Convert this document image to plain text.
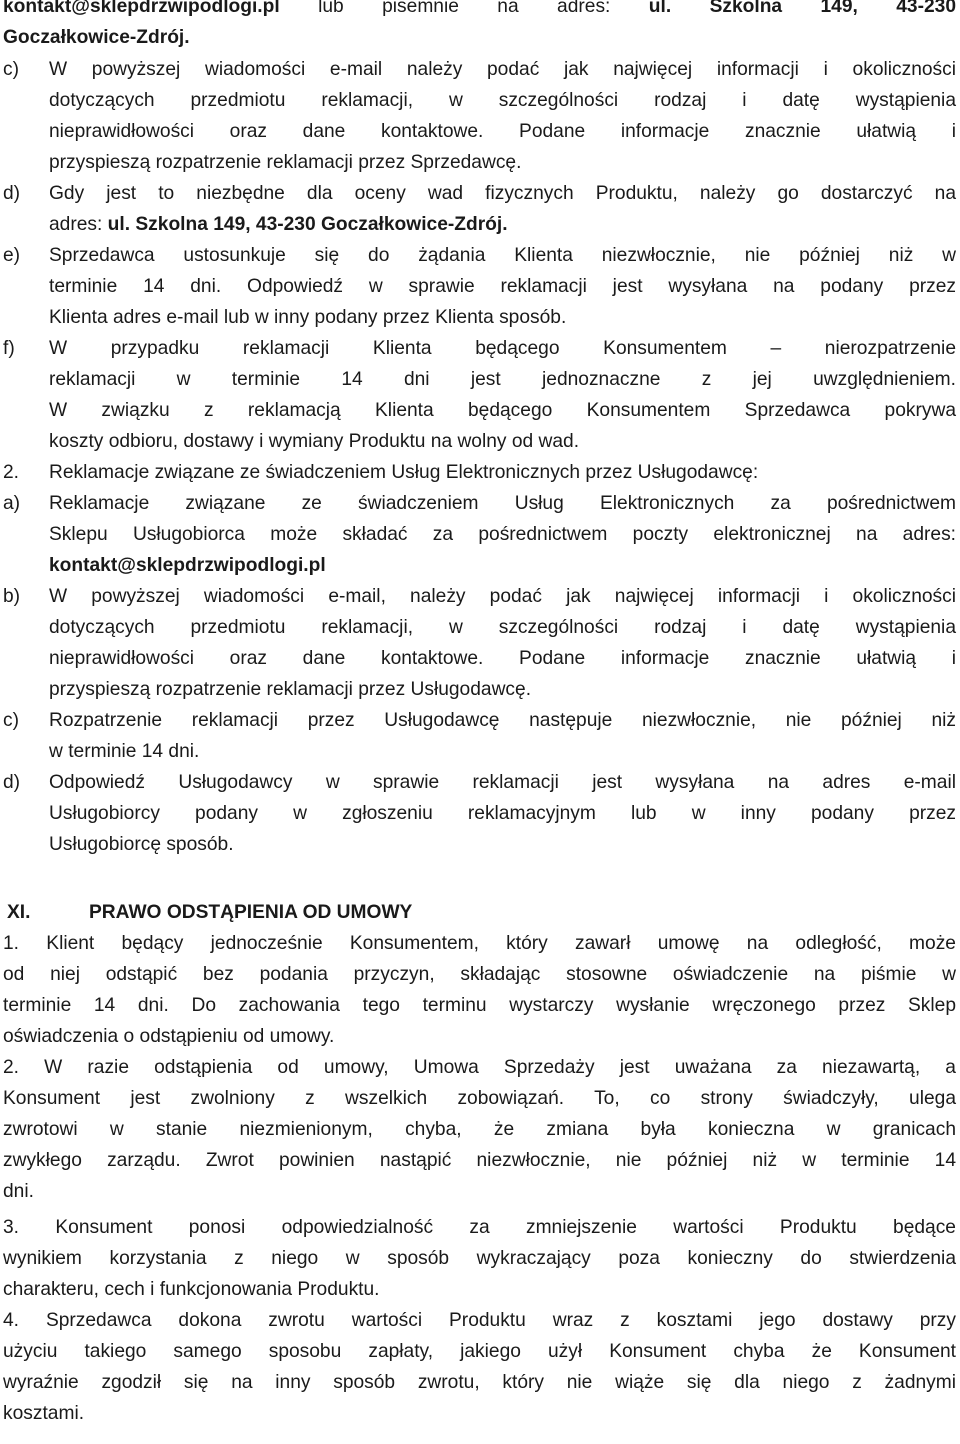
kontakt@sklepdrzwipodlogi.pl lub pisemnie na adres: ul. Szkolna 149, 43-230
Goczałkowice-Zdrój.
c) W powyższej wiadomości e-mail należy podać jak najwięcej informacji i okoliczności
dotyczących przedmiotu reklamacji, w szczególności rodzaj i datę wystąpienia
nieprawidłowości oraz dane kontaktowe. Podane informacje znacznie ułatwią i
przyspieszą rozpatrzenie reklamacji przez Sprzedawcę.
d) Gdy jest to niezbędne dla oceny wad fizycznych Produktu, należy go dostarczyć na
adres: ul. Szkolna 149, 43-230 Goczałkowice-Zdrój.
e) Sprzedawca ustosunkuje się do żądania Klienta niezwłocznie, nie później niż w
terminie 14 dni. Odpowiedź w sprawie reklamacji jest wysyłana na podany przez
Klienta adres e-mail lub w inny podany przez Klienta sposób.
f) W przypadku reklamacji Klienta będącego Konsumentem – nierozpatrzenie
reklamacji w terminie 14 dni jest jednoznaczne z jej uwzględnieniem.
W związku z reklamacją Klienta będącego Konsumentem Sprzedawca pokrywa
koszty odbioru, dostawy i wymiany Produktu na wolny od wad.
2. Reklamacje związane ze świadczeniem Usług Elektronicznych przez Usługodawcę:
a) Reklamacje związane ze świadczeniem Usług Elektronicznych za pośrednictwem
Sklepu Usługobiorca może składać za pośrednictwem poczty elektronicznej na adres:
kontakt@sklepdrzwipodlogi.pl
b) W powyższej wiadomości e-mail, należy podać jak najwięcej informacji i okoliczności
dotyczących przedmiotu reklamacji, w szczególności rodzaj i datę wystąpienia
nieprawidłowości oraz dane kontaktowe. Podane informacje znacznie ułatwią i
przyspieszą rozpatrzenie reklamacji przez Usługodawcę.
c) Rozpatrzenie reklamacji przez Usługodawcę następuje niezwłocznie, nie później niż
w terminie 14 dni.
d) Odpowiedź Usługodawcy w sprawie reklamacji jest wysyłana na adres e-mail
Usługobiorcy podany w zgłoszeniu reklamacyjnym lub w inny podany przez
Usługobiorcę sposób.
XI.	PRAWO ODSTĄPIENIA OD UMOWY
1. Klient będący jednocześnie Konsumentem, który zawarł umowę na odległość, może
od niej odstąpić bez podania przyczyn, składając stosowne oświadczenie na piśmie w
terminie 14 dni. Do zachowania tego terminu wystarczy wysłanie wręczonego przez Sklep
oświadczenia o odstąpieniu od umowy.
2. W razie odstąpienia od umowy, Umowa Sprzedaży jest uważana za niezawartą, a
Konsument jest zwolniony z wszelkich zobowiązań. To, co strony świadczyły, ulega
zwrotowi w stanie niezmienionym, chyba, że zmiana była konieczna w granicach
zwykłego zarządu. Zwrot powinien nastąpić niezwłocznie, nie później niż w terminie 14
dni.
3. Konsument ponosi odpowiedzialność za zmniejszenie wartości Produktu będące
wynikiem korzystania z niego w sposób wykraczający poza konieczny do stwierdzenia
charakteru, cech i funkcjonowania Produktu.
4. Sprzedawca dokona zwrotu wartości Produktu wraz z kosztami jego dostawy przy
użyciu takiego samego sposobu zapłaty, jakiego użył Konsument chyba że Konsument
wyraźnie zgodził się na inny sposób zwrotu, który nie wiąże się dla niego z żadnymi
kosztami.
